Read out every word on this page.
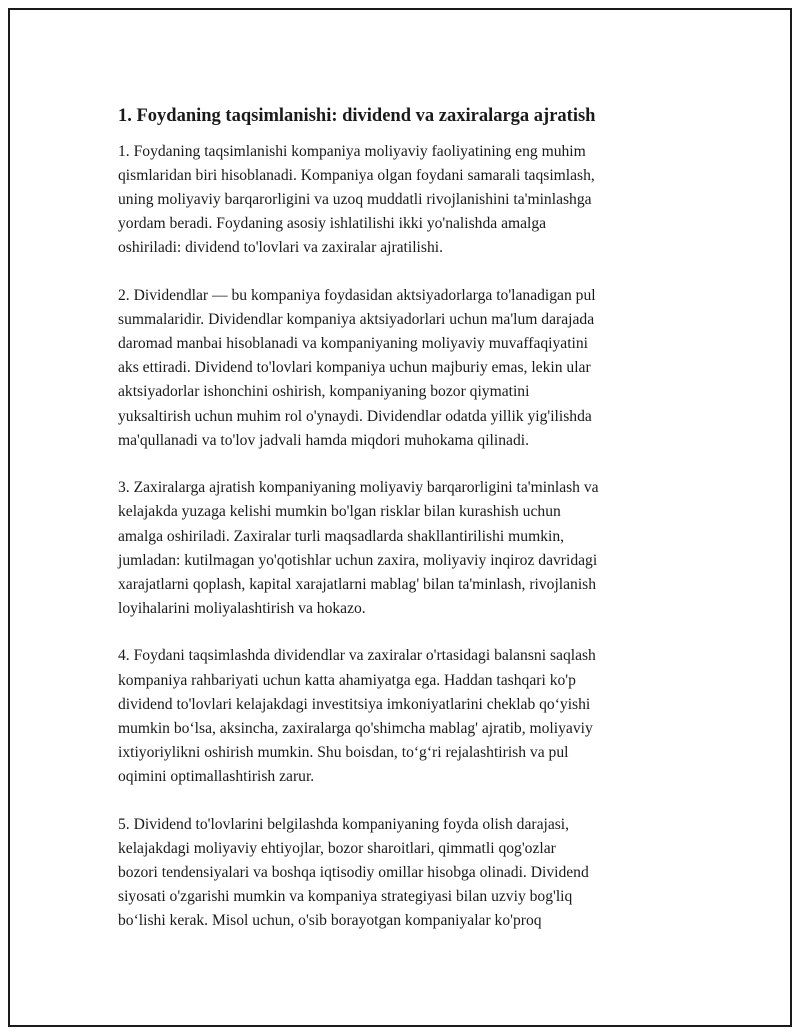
1. Foydaning taqsimlanishi: dividend va zaxiralarga ajratish

1. Foydaning taqsimlanishi kompaniya moliyaviy faoliyatining eng muhim
qismlaridan biri hisoblanadi. Kompaniya olgan foydani samarali taqsimlash,
uning moliyaviy barqarorligini va uzoq muddatli rivojlanishini ta'minlashga
yordam beradi. Foydaning asosiy ishlatilishi ikki yo'nalishda amalga
oshiriladi: dividend to'lovlari va zaxiralar ajratilishi.

2. Dividendlar — bu kompaniya foydasidan aktsiyadorlarga to'lanadigan pul
summalaridir. Dividendlar kompaniya aktsiyadorlari uchun ma'lum darajada
daromad manbai hisoblanadi va kompaniyaning moliyaviy muvaffaqiyatini
aks ettiradi. Dividend to'lovlari kompaniya uchun majburiy emas, lekin ular
aktsiyadorlar ishonchini oshirish, kompaniyaning bozor qiymatini
yuksaltirish uchun muhim rol o'ynaydi. Dividendlar odatda yillik yig'ilishda
ma'qullanadi va to'lov jadvali hamda miqdori muhokama qilinadi.

3. Zaxiralarga ajratish kompaniyaning moliyaviy barqarorligini ta'minlash va
kelajakda yuzaga kelishi mumkin bo'lgan risklar bilan kurashish uchun
amalga oshiriladi. Zaxiralar turli maqsadlarda shakllantirilishi mumkin,
jumladan: kutilmagan yo'qotishlar uchun zaxira, moliyaviy inqiroz davridagi
xarajatlarni qoplash, kapital xarajatlarni mablag' bilan ta'minlash, rivojlanish
loyihalarini moliyalashtirish va hokazo.

4. Foydani taqsimlashda dividendlar va zaxiralar o'rtasidagi balansni saqlash
kompaniya rahbariyati uchun katta ahamiyatga ega. Haddan tashqari ko'p
dividend to'lovlari kelajakdagi investitsiya imkoniyatlarini cheklab qo‘yishi
mumkin bo‘lsa, aksincha, zaxiralarga qo'shimcha mablag' ajratib, moliyaviy
ixtiyoriylikni oshirish mumkin. Shu boisdan, to‘g‘ri rejalashtirish va pul
oqimini optimallashtirish zarur.

5. Dividend to'lovlarini belgilashda kompaniyaning foyda olish darajasi,
kelajakdagi moliyaviy ehtiyojlar, bozor sharoitlari, qimmatli qog'ozlar
bozori tendensiyalari va boshqa iqtisodiy omillar hisobga olinadi. Dividend
siyosati o'zgarishi mumkin va kompaniya strategiyasi bilan uzviy bog'liq
bo‘lishi kerak. Misol uchun, o'sib borayotgan kompaniyalar ko'proq
